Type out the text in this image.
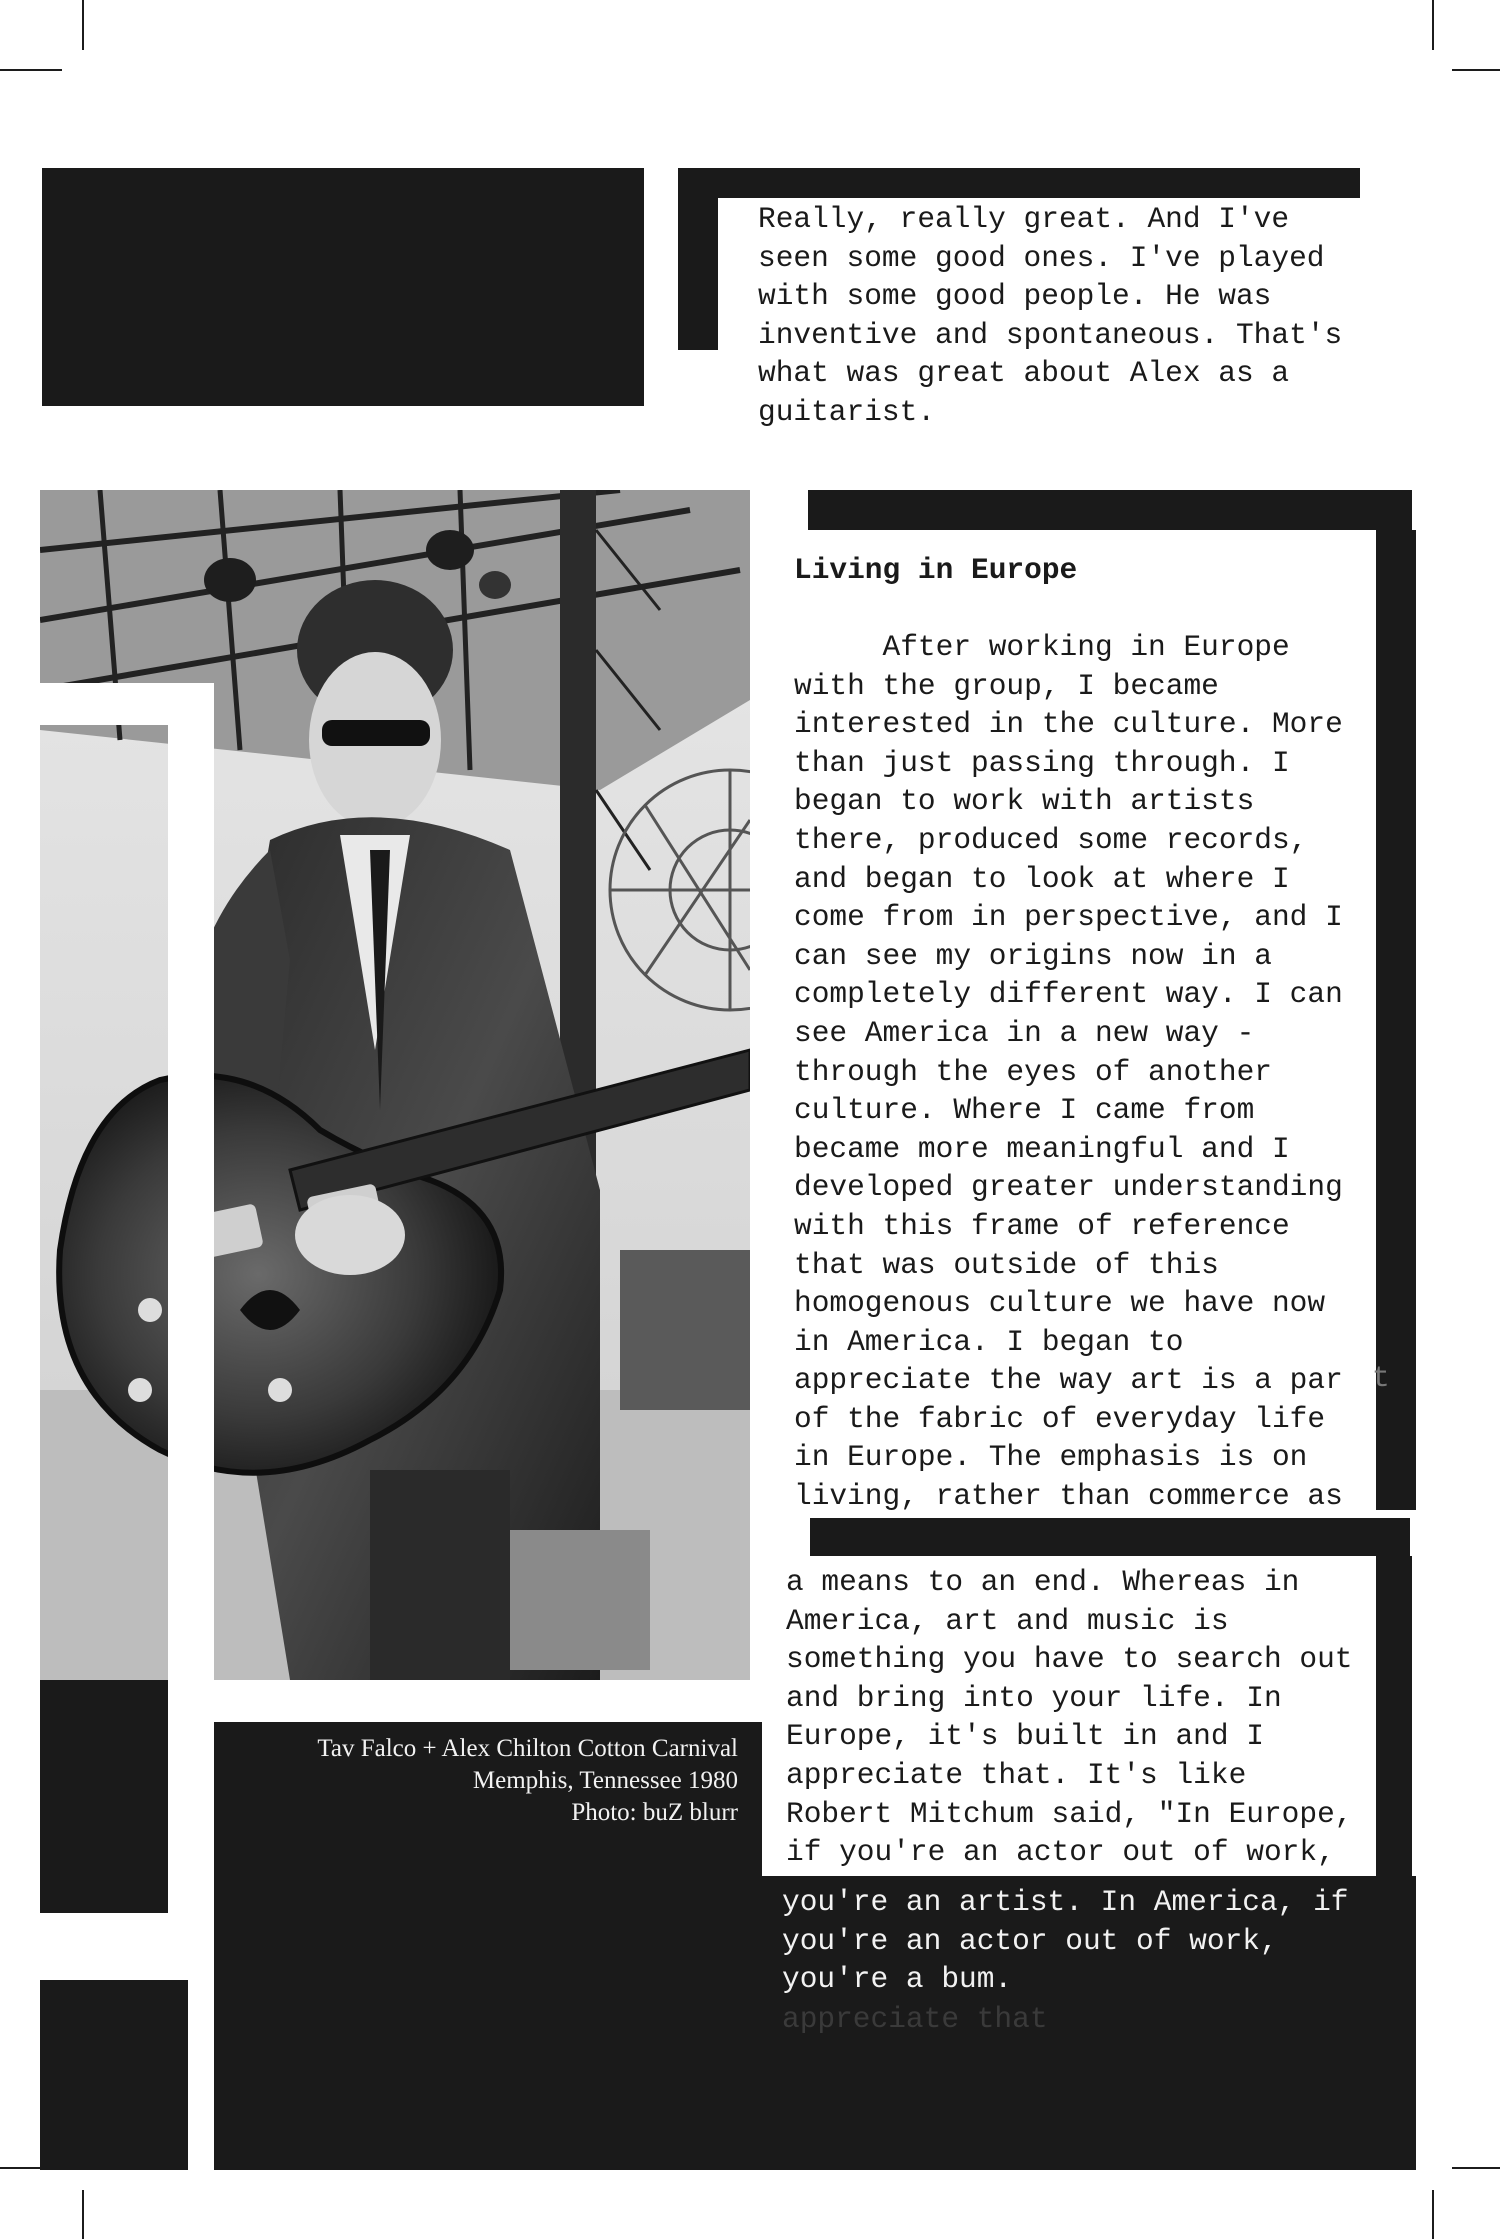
Really, really great. And I've
seen some good ones. I've played
with some good people. He was
inventive and spontaneous. That's
what was great about Alex as a
guitarist.

Tav Falco + Alex Chilton Cotton Carnival
Memphis, Tennessee 1980
Photo: buZ blurr

Living in Europe
After working in Europe
with the group, I became
interested in the culture. More
than just passing through. I
began to work with artists
there, produced some records,
and began to look at where I
come from in perspective, and I
can see my origins now in a
completely different way. I can
see America in a new way -
through the eyes of another
culture. Where I came from
became more meaningful and I
developed greater understanding
with this frame of reference
that was outside of this
homogenous culture we have now
in America. I began to
appreciate the way art is a par
of the fabric of everyday life
in Europe. The emphasis is on
living, rather than commerce as
t
a means to an end. Whereas in
America, art and music is
something you have to search out
and bring into your life. In
Europe, it's built in and I
appreciate that. It's like
Robert Mitchum said, "In Europe,
if you're an actor out of work,
you're an artist. In America, if
you're an actor out of work,
you're a bum.
appreciate that
